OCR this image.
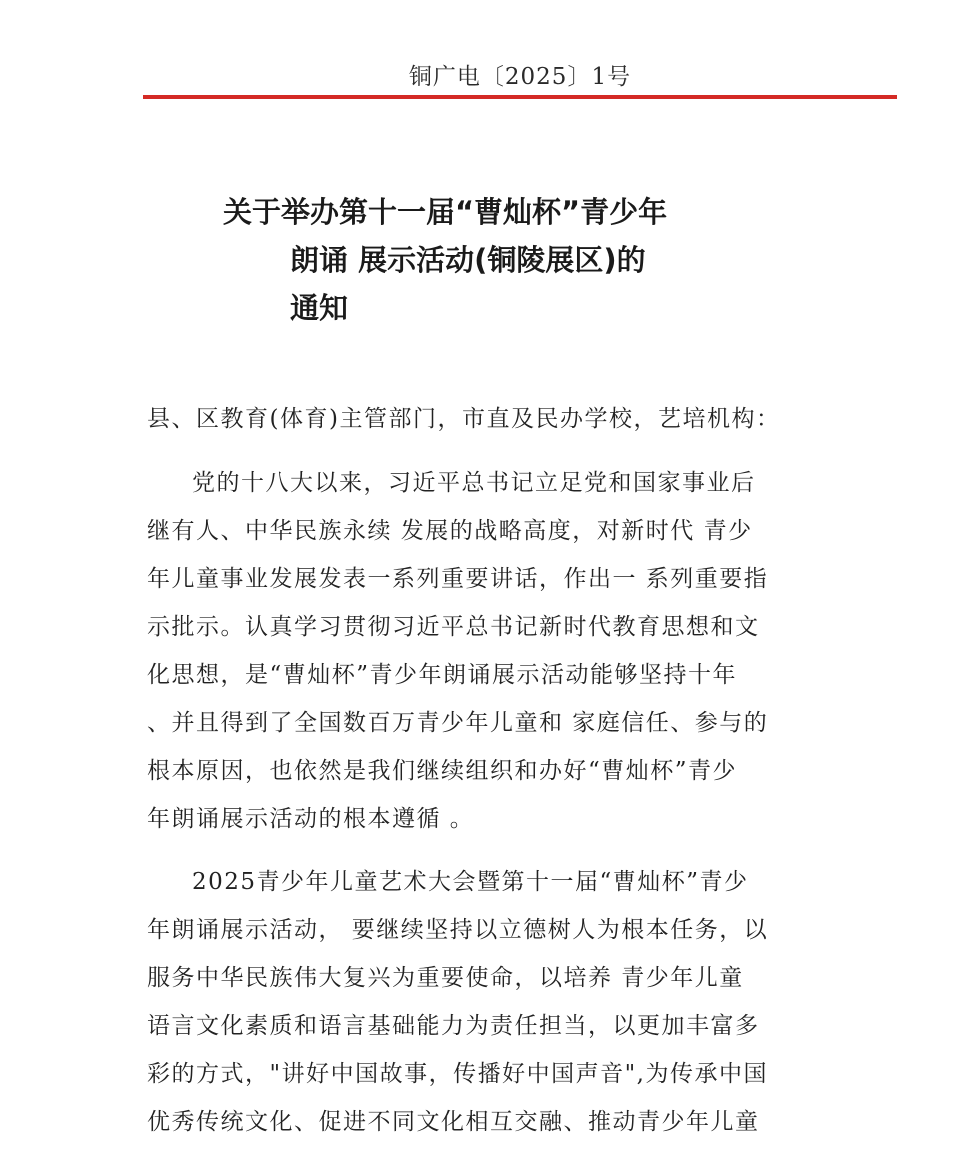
铜广电〔2025〕1号
关于举办第十一届“曹灿杯”青少年
朗诵 展示活动(铜陵展区)的
通知
县、区教育(体育)主管部门，市直及民办学校，艺培机构：
党的十八大以来，习近平总书记立足党和国家事业后
继有人、中华民族永续 发展的战略高度，对新时代 青少
年儿童事业发展发表一系列重要讲话，作出一 系列重要指
示批示。认真学习贯彻习近平总书记新时代教育思想和文
化思想，是“曹灿杯”青少年朗诵展示活动能够坚持十年
、并且得到了全国数百万青少年儿童和 家庭信任、参与的
根本原因，也依然是我们继续组织和办好“曹灿杯”青少
年朗诵展示活动的根本遵循 。
2025青少年儿童艺术大会暨第十一届“曹灿杯”青少
年朗诵展示活动， 要继续坚持以立德树人为根本任务，以
服务中华民族伟大复兴为重要使命，以培养 青少年儿童
语言文化素质和语言基础能力为责任担当，以更加丰富多
彩的方式，"讲好中国故事，传播好中国声音",为传承中国
优秀传统文化、促进不同文化相互交融、推动青少年儿童
